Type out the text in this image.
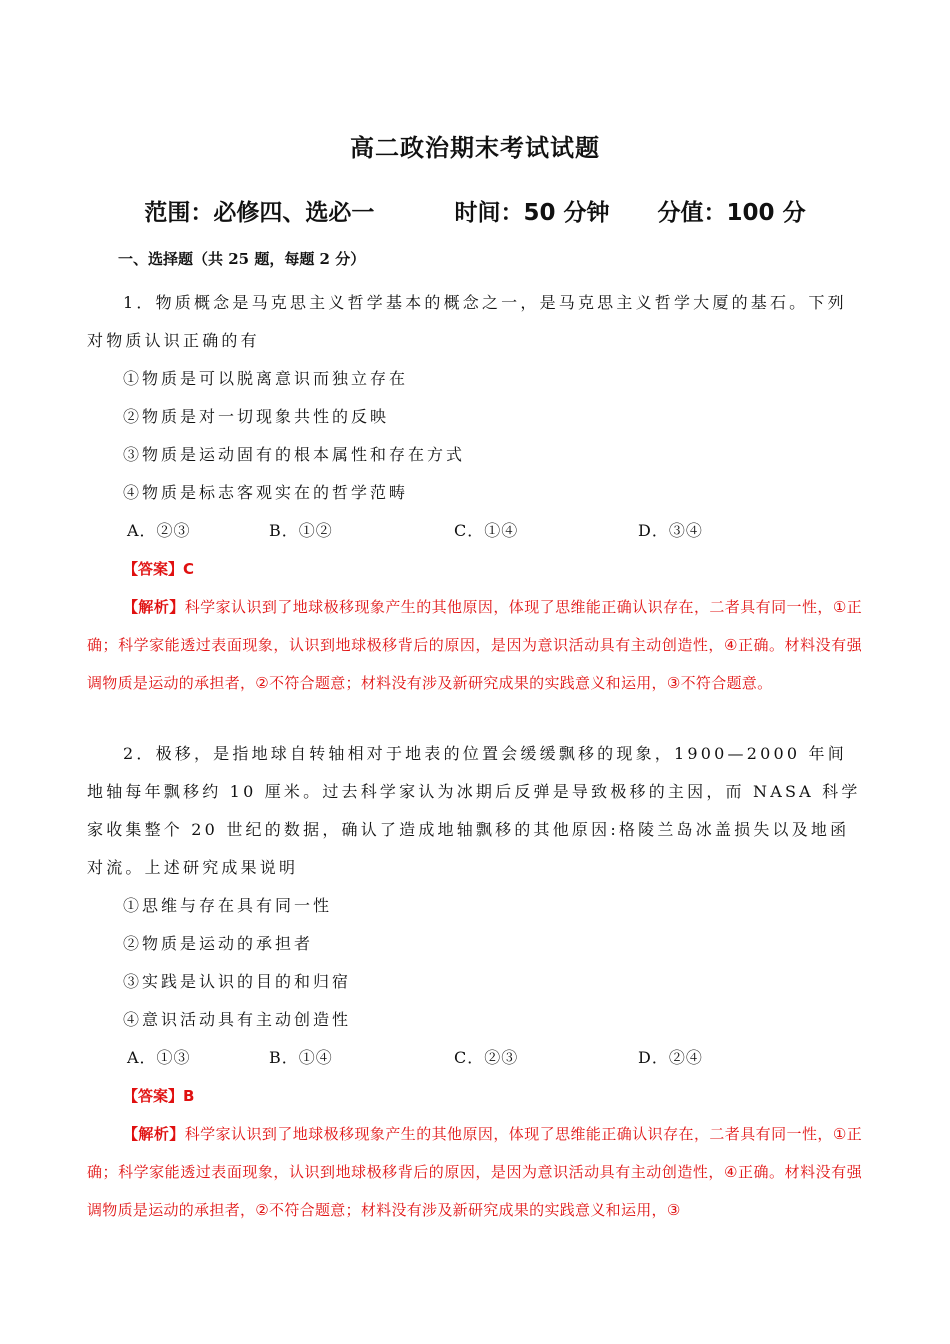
高二政治期末考试试题
范围：必修四、选必一          时间：50 分钟      分值：100 分
一、选择题（共 25 题，每题 2 分）
1．物质概念是马克思主义哲学基本的概念之一，是马克思主义哲学大厦的基石。下列对物质认识正确的有
①物质是可以脱离意识而独立存在
②物质是对一切现象共性的反映
③物质是运动固有的根本属性和存在方式
④物质是标志客观实在的哲学范畴
A．②③	B．①②	C．①④	D．③④
【答案】C
【解析】科学家认识到了地球极移现象产生的其他原因，体现了思维能正确认识存在，二者具有同一性，①正确；科学家能透过表面现象，认识到地球极移背后的原因，是因为意识活动具有主动创造性，④正确。材料没有强调物质是运动的承担者，②不符合题意；材料没有涉及新研究成果的实践意义和运用，③不符合题意。
2．极移，是指地球自转轴相对于地表的位置会缓缓飘移的现象，1900—2000 年间地轴每年飘移约 10 厘米。过去科学家认为冰期后反弹是导致极移的主因，而 NASA 科学家收集整个 20 世纪的数据，确认了造成地轴飘移的其他原因:格陵兰岛冰盖损失以及地函对流。上述研究成果说明
①思维与存在具有同一性
②物质是运动的承担者
③实践是认识的目的和归宿
④意识活动具有主动创造性
A．①③	B．①④	C．②③	D．②④
【答案】B
【解析】科学家认识到了地球极移现象产生的其他原因，体现了思维能正确认识存在，二者具有同一性，①正确；科学家能透过表面现象，认识到地球极移背后的原因，是因为意识活动具有主动创造性，④正确。材料没有强调物质是运动的承担者，②不符合题意；材料没有涉及新研究成果的实践意义和运用，③
